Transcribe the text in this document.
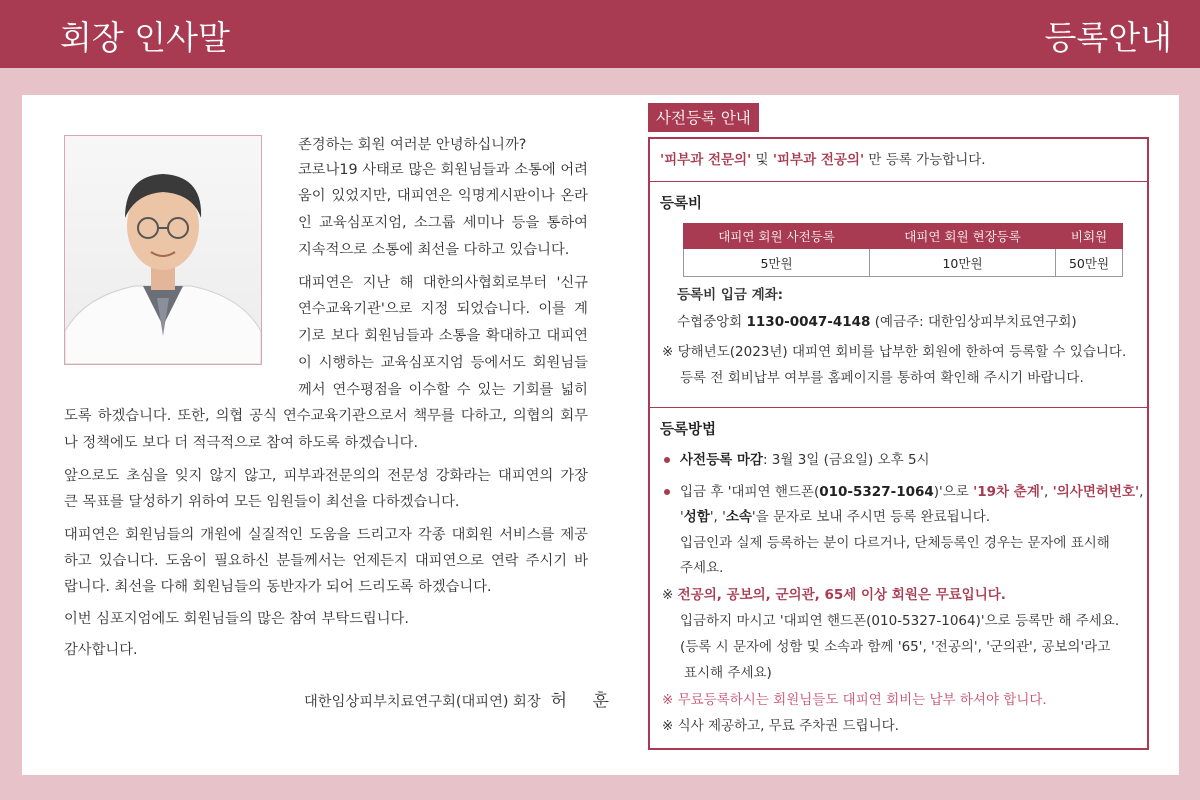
회장 인사말	등록안내

존경하는 회원 여러분 안녕하십니까?

코로나19 사태로 많은 회원님들과 소통에 어려

움이 있었지만, 대피연은 익명게시판이나 온라

인 교육심포지엄, 소그룹 세미나 등을 통하여

지속적으로 소통에 최선을 다하고 있습니다.

대피연은 지난 해 대한의사협회로부터 '신규

연수교육기관'으로 지정 되었습니다. 이를 계

기로 보다 회원님들과 소통을 확대하고 대피연

이 시행하는 교육심포지엄 등에서도 회원님들

께서 연수평점을 이수할 수 있는 기회를 넓히

도록 하겠습니다. 또한, 의협 공식 연수교육기관으로서 책무를 다하고, 의협의 회무

나 정책에도 보다 더 적극적으로 참여 하도록 하겠습니다.

앞으로도 초심을 잊지 않지 않고, 피부과전문의의 전문성 강화라는 대피연의 가장

큰 목표를 달성하기 위하여 모든 임원들이 최선을 다하겠습니다.

대피연은 회원님들의 개원에 실질적인 도움을 드리고자 각종 대회원 서비스를 제공

하고 있습니다. 도움이 필요하신 분들께서는 언제든지 대피연으로 연락 주시기 바

랍니다. 최선을 다해 회원님들의 동반자가 되어 드리도록 하겠습니다.

이번 심포지엄에도 회원님들의 많은 참여 부탁드립니다.

감사합니다.

대한임상피부치료연구회(대피연) 회장 허 훈
사전등록 안내
'피부과 전문의' 및 '피부과 전공의' 만 등록 가능합니다.
등록비
대피연 회원 사전등록	대피연 회원 현장등록	비회원
5만원	10만원	50만원
등록비 입금 계좌:
수협중앙회 1130-0047-4148 (예금주: 대한임상피부치료연구회)
※ 당해년도(2023년) 대피연 회비를 납부한 회원에 한하여 등록할 수 있습니다.
등록 전 회비납부 여부를 홈페이지를 통하여 확인해 주시기 바랍니다.
등록방법
사전등록 마감: 3월 3일 (금요일) 오후 5시
입금 후 '대피연 핸드폰(010-5327-1064)'으로 '19차 춘계', '의사면허번호',
'성함', '소속'을 문자로 보내 주시면 등록 완료됩니다.
입금인과 실제 등록하는 분이 다르거나, 단체등록인 경우는 문자에 표시해
주세요.
※ 전공의, 공보의, 군의관, 65세 이상 회원은 무료입니다.
입금하지 마시고 '대피연 핸드폰(010-5327-1064)'으로 등록만 해 주세요.
(등록 시 문자에 성함 및 소속과 함께 '65', '전공의', '군의관', 공보의'라고
표시해 주세요)
※ 무료등록하시는 회원님들도 대피연 회비는 납부 하셔야 합니다.
※ 식사 제공하고, 무료 주차권 드립니다.
